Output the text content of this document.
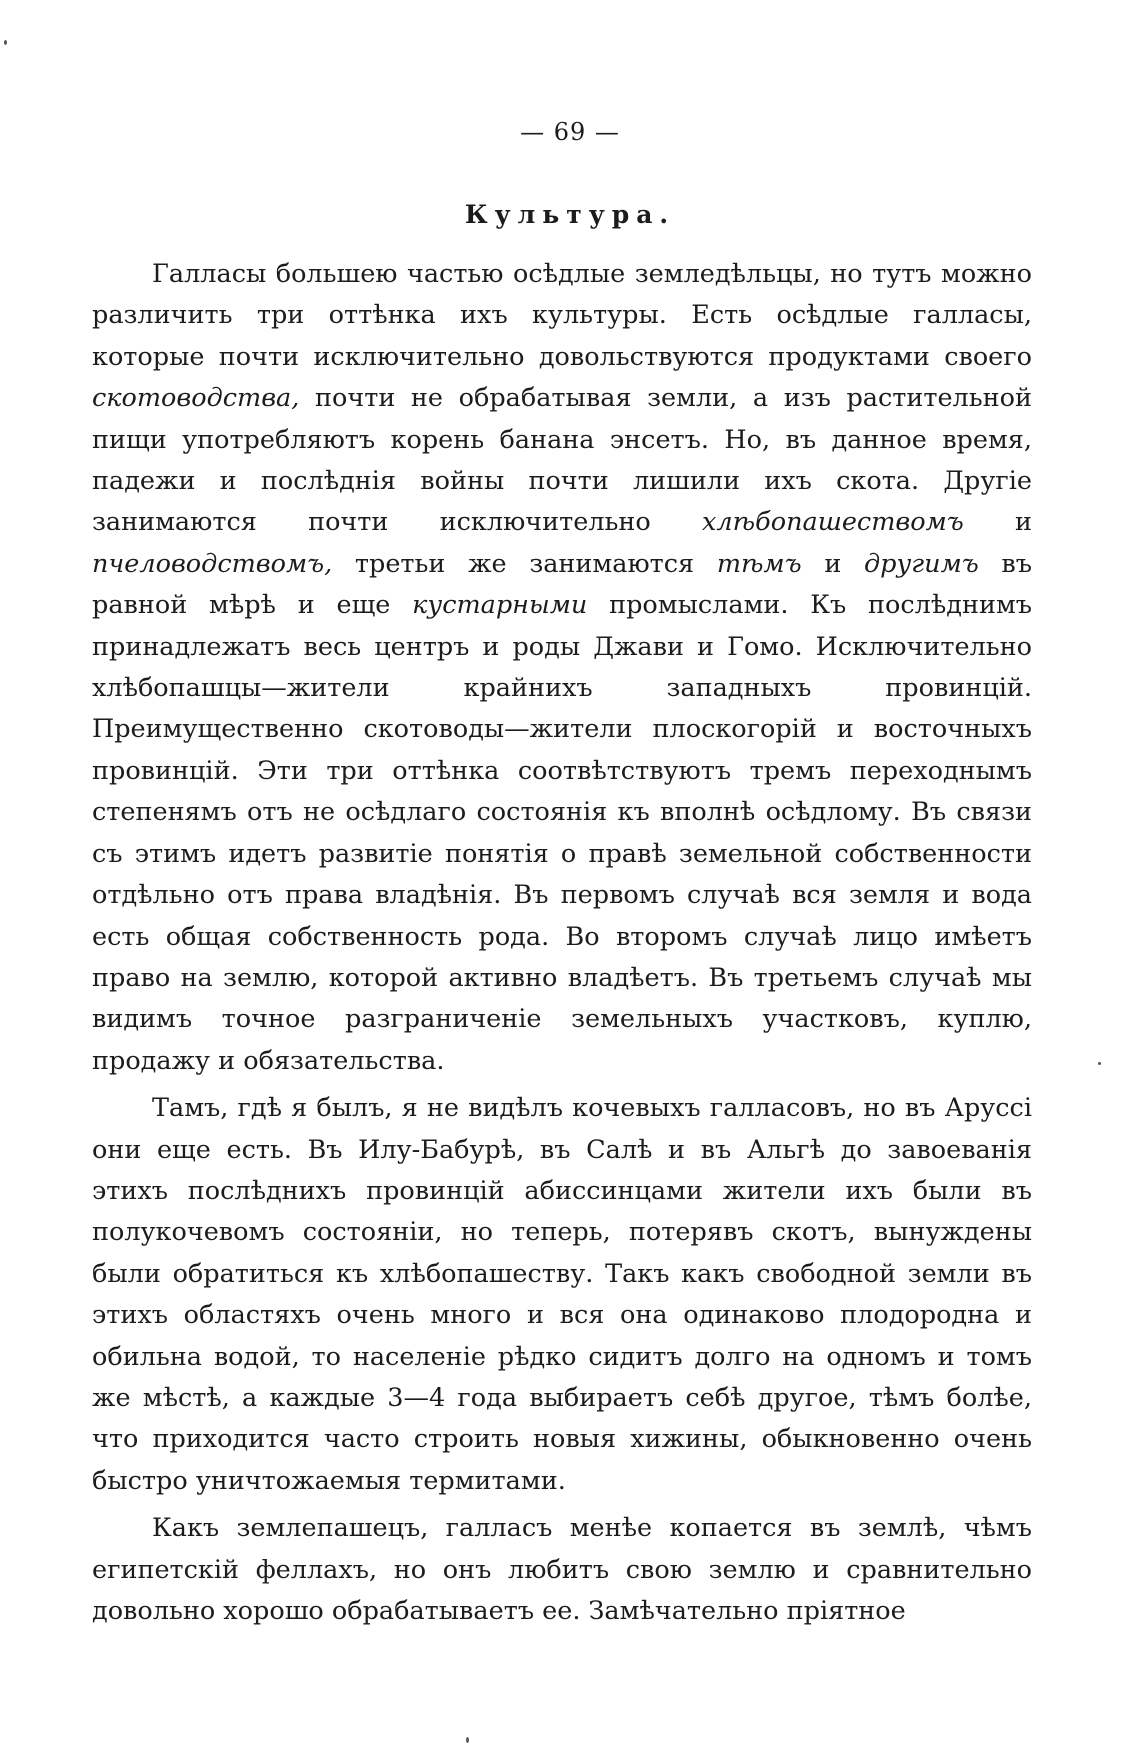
— 69 —
Культура.

Галласы большею частью осѣдлые земледѣльцы, но тутъ можно различить три оттѣнка ихъ культуры. Есть осѣдлые галласы, которые почти исключительно довольствуются продуктами своего скотоводства, почти не обрабатывая земли, а изъ растительной пищи употребляютъ корень банана энсетъ. Но, въ данное время, падежи и послѣднія войны почти лишили ихъ скота. Другіе занимаются почти исключительно хлѣбопашествомъ и пчеловодствомъ, третьи же занимаются тѣмъ и другимъ въ равной мѣрѣ и еще кустарными промыслами. Къ послѣднимъ принадлежатъ весь центръ и роды Джави и Гомо. Исключительно хлѣбопашцы—жители крайнихъ западныхъ провинцій. Преимущественно скотоводы—жители плоскогорій и восточныхъ провинцій. Эти три оттѣнка соотвѣтствуютъ тремъ переходнымъ степенямъ отъ не осѣдлаго состоянія къ вполнѣ осѣдлому. Въ связи съ этимъ идетъ развитіе понятія о правѣ земельной собственности отдѣльно отъ права владѣнія. Въ первомъ случаѣ вся земля и вода есть общая собственность рода. Во второмъ случаѣ лицо имѣетъ право на землю, которой активно владѣетъ. Въ третьемъ случаѣ мы видимъ точное разграниченіе земельныхъ участковъ, куплю, продажу и обязательства.

Тамъ, гдѣ я былъ, я не видѣлъ кочевыхъ галласовъ, но въ Аруссi они еще есть. Въ Илу-Бабурѣ, въ Салѣ и въ Альгѣ до завоеванія этихъ послѣднихъ провинцій абиссинцами жители ихъ были въ полукочевомъ состояніи, но теперь, потерявъ скотъ, вынуждены были обратиться къ хлѣбопашеству. Такъ какъ свободной земли въ этихъ областяхъ очень много и вся она одинаково плодородна и обильна водой, то населеніе рѣдко сидитъ долго на одномъ и томъ же мѣстѣ, а каждые 3—4 года выбираетъ себѣ другое, тѣмъ болѣе, что приходится часто строить новыя хижины, обыкновенно очень быстро уничтожаемыя термитами.

Какъ землепашецъ, галласъ менѣе копается въ землѣ, чѣмъ египетскій феллахъ, но онъ любитъ свою землю и сравнительно довольно хорошо обрабатываетъ ее. Замѣчательно пріятное
